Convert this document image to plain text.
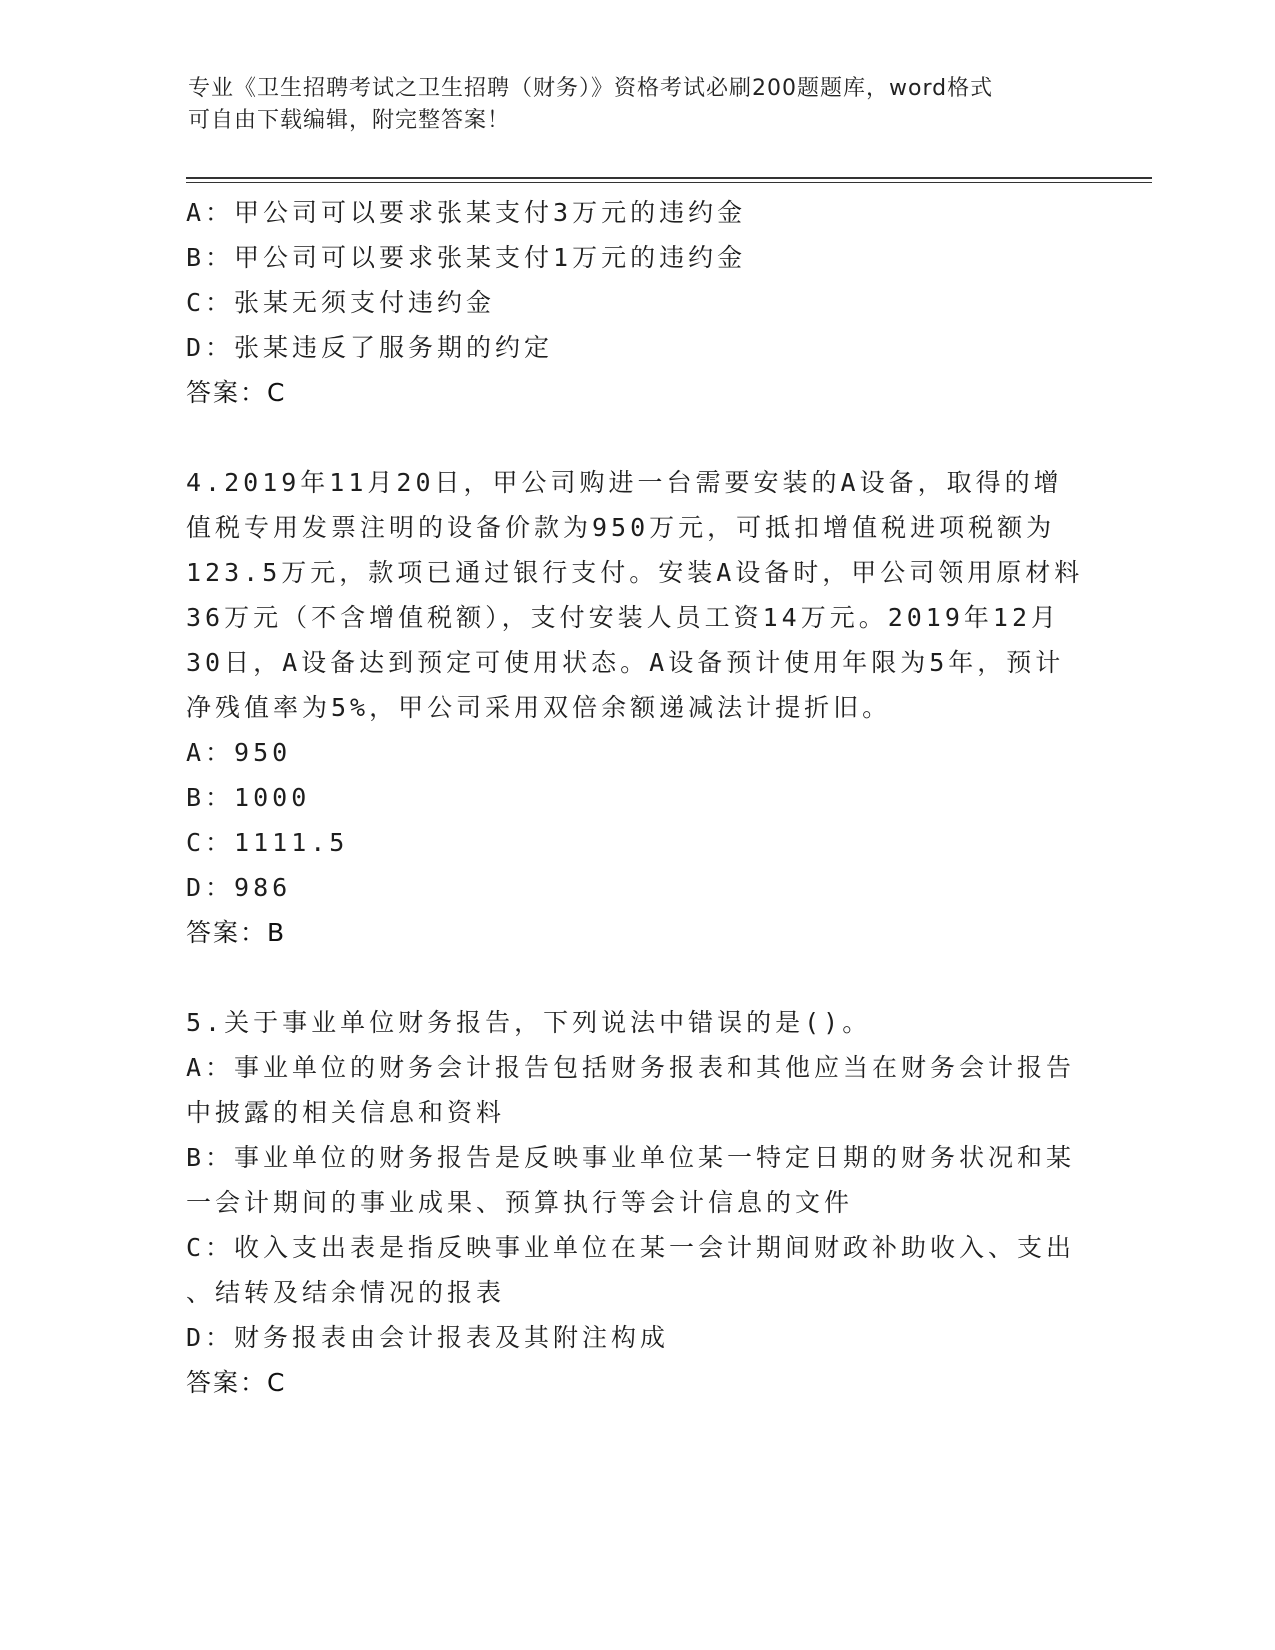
专业《卫生招聘考试之卫生招聘（财务）》资格考试必刷200题题库，word格式
可自由下载编辑，附完整答案！

A：甲公司可以要求张某支付3万元的违约金

B：甲公司可以要求张某支付1万元的违约金

C：张某无须支付违约金

D：张某违反了服务期的约定

答案：C

4.2019年11月20日，甲公司购进一台需要安装的A设备，取得的增

值税专用发票注明的设备价款为950万元，可抵扣增值税进项税额为

123.5万元，款项已通过银行支付。安装A设备时，甲公司领用原材料

36万元（不含增值税额），支付安装人员工资14万元。2019年12月

30日，A设备达到预定可使用状态。A设备预计使用年限为5年，预计

净残值率为5%，甲公司采用双倍余额递减法计提折旧。

A：950

B：1000

C：1111.5

D：986

答案：B

5.关于事业单位财务报告，下列说法中错误的是()。

A：事业单位的财务会计报告包括财务报表和其他应当在财务会计报告

中披露的相关信息和资料

B：事业单位的财务报告是反映事业单位某一特定日期的财务状况和某

一会计期间的事业成果、预算执行等会计信息的文件

C：收入支出表是指反映事业单位在某一会计期间财政补助收入、支出

、结转及结余情况的报表

D：财务报表由会计报表及其附注构成

答案：C
